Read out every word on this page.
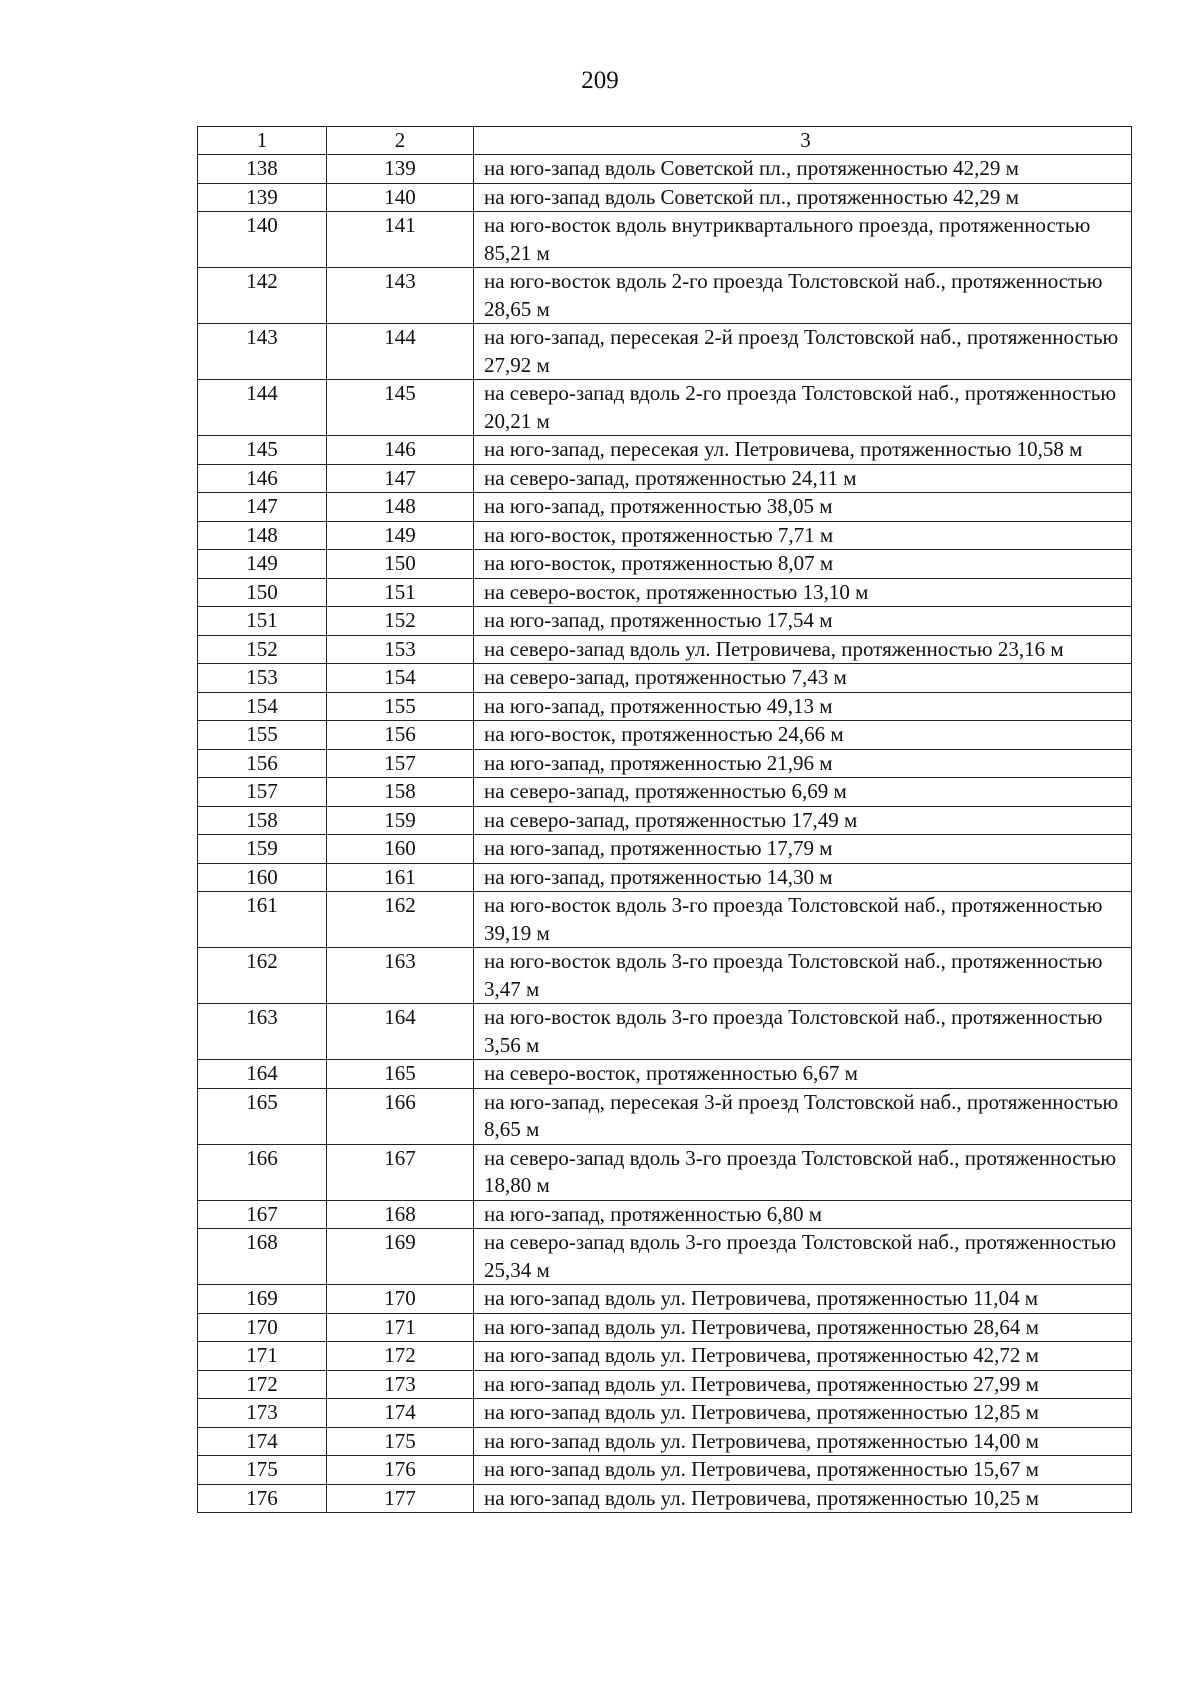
209
1	2	3
138	139	на юго-запад вдоль Советской пл., протяженностью 42,29 м
139	140	на юго-запад вдоль Советской пл., протяженностью 42,29 м
140	141	на юго-восток вдоль внутриквартального проезда, протяженностью 85,21 м
142	143	на юго-восток вдоль 2-го проезда Толстовской наб., протяженностью 28,65 м
143	144	на юго-запад, пересекая 2-й проезд Толстовской наб., протяженностью 27,92 м
144	145	на северо-запад вдоль 2-го проезда Толстовской наб., протяженностью 20,21 м
145	146	на юго-запад, пересекая ул. Петровичева, протяженностью 10,58 м
146	147	на северо-запад, протяженностью 24,11 м
147	148	на юго-запад, протяженностью 38,05 м
148	149	на юго-восток, протяженностью 7,71 м
149	150	на юго-восток, протяженностью 8,07 м
150	151	на северо-восток, протяженностью 13,10 м
151	152	на юго-запад, протяженностью 17,54 м
152	153	на северо-запад вдоль ул. Петровичева, протяженностью 23,16 м
153	154	на северо-запад, протяженностью 7,43 м
154	155	на юго-запад, протяженностью 49,13 м
155	156	на юго-восток, протяженностью 24,66 м
156	157	на юго-запад, протяженностью 21,96 м
157	158	на северо-запад, протяженностью 6,69 м
158	159	на северо-запад, протяженностью 17,49 м
159	160	на юго-запад, протяженностью 17,79 м
160	161	на юго-запад, протяженностью 14,30 м
161	162	на юго-восток вдоль 3-го проезда Толстовской наб., протяженностью 39,19 м
162	163	на юго-восток вдоль 3-го проезда Толстовской наб., протяженностью 3,47 м
163	164	на юго-восток вдоль 3-го проезда Толстовской наб., протяженностью 3,56 м
164	165	на северо-восток, протяженностью 6,67 м
165	166	на юго-запад, пересекая 3-й проезд Толстовской наб., протяженностью 8,65 м
166	167	на северо-запад вдоль 3-го проезда Толстовской наб., протяженностью 18,80 м
167	168	на юго-запад, протяженностью 6,80 м
168	169	на северо-запад вдоль 3-го проезда Толстовской наб., протяженностью 25,34 м
169	170	на юго-запад вдоль ул. Петровичева, протяженностью 11,04 м
170	171	на юго-запад вдоль ул. Петровичева, протяженностью 28,64 м
171	172	на юго-запад вдоль ул. Петровичева, протяженностью 42,72 м
172	173	на юго-запад вдоль ул. Петровичева, протяженностью 27,99 м
173	174	на юго-запад вдоль ул. Петровичева, протяженностью 12,85 м
174	175	на юго-запад вдоль ул. Петровичева, протяженностью 14,00 м
175	176	на юго-запад вдоль ул. Петровичева, протяженностью 15,67 м
176	177	на юго-запад вдоль ул. Петровичева, протяженностью 10,25 м
